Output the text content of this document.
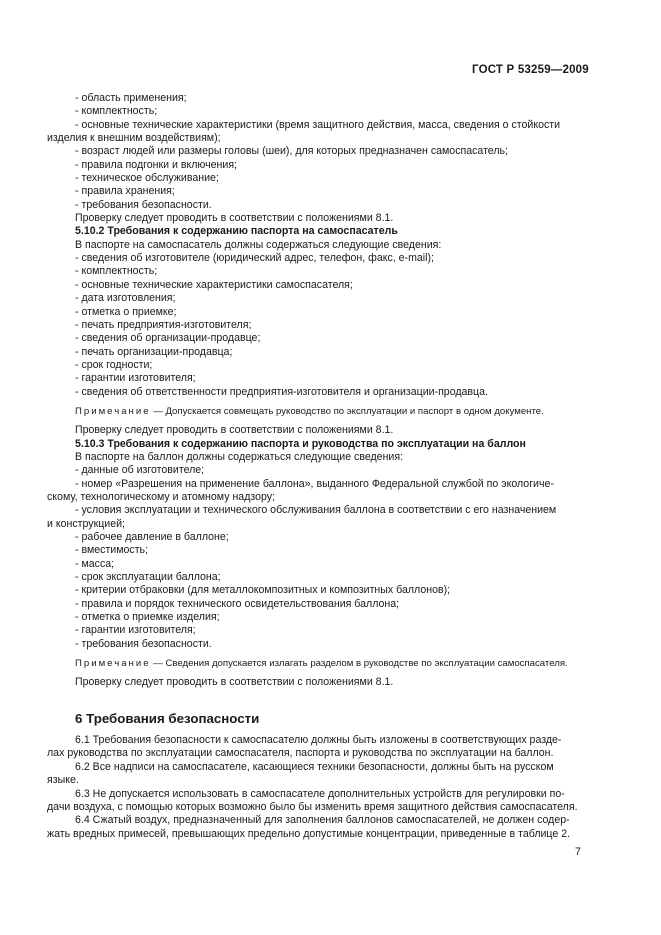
ГОСТ Р 53259—2009

- область применения;

- комплектность;

- основные технические характеристики (время защитного действия, масса, сведения о стойкости

изделия к внешним воздействиям);

- возраст людей или размеры головы (шеи), для которых предназначен самоспасатель;

- правила подгонки и включения;

- техническое обслуживание;

- правила хранения;

- требования безопасности.

Проверку следует проводить в соответствии с положениями 8.1.

5.10.2 Требования к содержанию паспорта на самоспасатель

В паспорте на самоспасатель должны содержаться следующие сведения:

- сведения об изготовителе (юридический адрес, телефон, факс, e-mail);

- комплектность;

- основные технические характеристики самоспасателя;

- дата изготовления;

- отметка о приемке;

- печать предприятия-изготовителя;

- сведения об организации-продавце;

- печать организации-продавца;

- срок годности;

- гарантии изготовителя;

- сведения об ответственности предприятия-изготовителя и организации-продавца.

Примечание — Допускается совмещать руководство по эксплуатации и паспорт в одном документе.

Проверку следует проводить в соответствии с положениями 8.1.

5.10.3 Требования к содержанию паспорта и руководства по эксплуатации на баллон

В паспорте на баллон должны содержаться следующие сведения:

- данные об изготовителе;

- номер «Разрешения на применение баллона», выданного Федеральной службой по экологиче-

скому, технологическому и атомному надзору;

- условия эксплуатации и технического обслуживания баллона в соответствии с его назначением

и конструкцией;

- рабочее давление в баллоне;

- вместимость;

- масса;

- срок эксплуатации баллона;

- критерии отбраковки (для металлокомпозитных и композитных баллонов);

- правила и порядок технического освидетельствования баллона;

- отметка о приемке изделия;

- гарантии изготовителя;

- требования безопасности.

Примечание — Сведения допускается излагать разделом в руководстве по эксплуатации самоспасателя.

Проверку следует проводить в соответствии с положениями 8.1.

6 Требования безопасности

6.1 Требования безопасности к самоспасателю должны быть изложены в соответствующих разде-

лах руководства по эксплуатации самоспасателя, паспорта и руководства по эксплуатации на баллон.

6.2 Все надписи на самоспасателе, касающиеся техники безопасности, должны быть на русском

языке.

6.3 Не допускается использовать в самоспасателе дополнительных устройств для регулировки по-

дачи воздуха, с помощью которых возможно было бы изменить время защитного действия самоспасателя.

6.4 Сжатый воздух, предназначенный для заполнения баллонов самоспасателей, не должен содер-

жать вредных примесей, превышающих предельно допустимые концентрации, приведенные в таблице 2.

7
